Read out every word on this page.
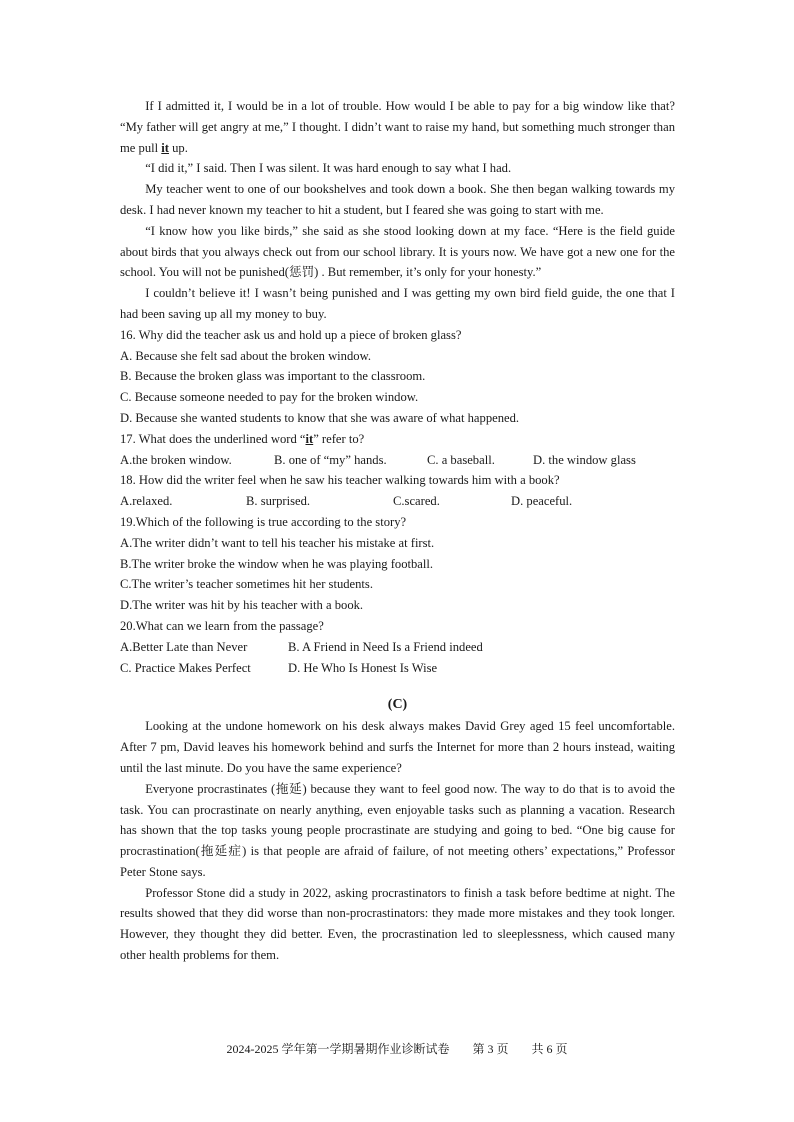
If I admitted it, I would be in a lot of trouble. How would I be able to pay for a big window like that? “My father will get angry at me,” I thought. I didn’t want to raise my hand, but something much stronger than me pull it up.

“I did it,” I said. Then I was silent. It was hard enough to say what I had.

My teacher went to one of our bookshelves and took down a book. She then began walking towards my desk. I had never known my teacher to hit a student, but I feared she was going to start with me.

“I know how you like birds,” she said as she stood looking down at my face. “Here is the field guide about birds that you always check out from our school library. It is yours now. We have got a new one for the school. You will not be punished(惩罚) . But remember, it’s only for your honesty.”

I couldn’t believe it! I wasn’t being punished and I was getting my own bird field guide, the one that I had been saving up all my money to buy.

16. Why did the teacher ask us and hold up a piece of broken glass?

A. Because she felt sad about the broken window.

B. Because the broken glass was important to the classroom.

C. Because someone needed to pay for the broken window.

D. Because she wanted students to know that she was aware of what happened.

17. What does the underlined word “it” refer to?

A.the broken window.	B. one of “my” hands.	C. a baseball.	D. the window glass

18. How did the writer feel when he saw his teacher walking towards him with a book?

A.relaxed.	B. surprised.	C.scared.	D. peaceful.

19.Which of the following is true according to the story?

A.The writer didn’t want to tell his teacher his mistake at first.

B.The writer broke the window when he was playing football.

C.The writer’s teacher sometimes hit her students.

D.The writer was hit by his teacher with a book.

20.What can we learn from the passage?

A.Better Late than Never	B. A Friend in Need Is a Friend indeed

C. Practice Makes Perfect	D. He Who Is Honest Is Wise

(C)

Looking at the undone homework on his desk always makes David Grey aged 15 feel uncomfortable. After 7 pm, David leaves his homework behind and surfs the Internet for more than 2 hours instead, waiting until the last minute. Do you have the same experience?

Everyone procrastinates (拖延) because they want to feel good now. The way to do that is to avoid the task. You can procrastinate on nearly anything, even enjoyable tasks such as planning a vacation. Research has shown that the top tasks young people procrastinate are studying and going to bed. “One big cause for procrastination(拖延症) is that people are afraid of failure, of not meeting others’ expectations,” Professor Peter Stone says.

Professor Stone did a study in 2022, asking procrastinators to finish a task before bedtime at night. The results showed that they did worse than non-procrastinators: they made more mistakes and they took longer. However, they thought they did better. Even, the procrastination led to sleeplessness, which caused many other health problems for them.

2024-2025 学年第一学期暑期作业诊断试卷 第 3 页 共 6 页
